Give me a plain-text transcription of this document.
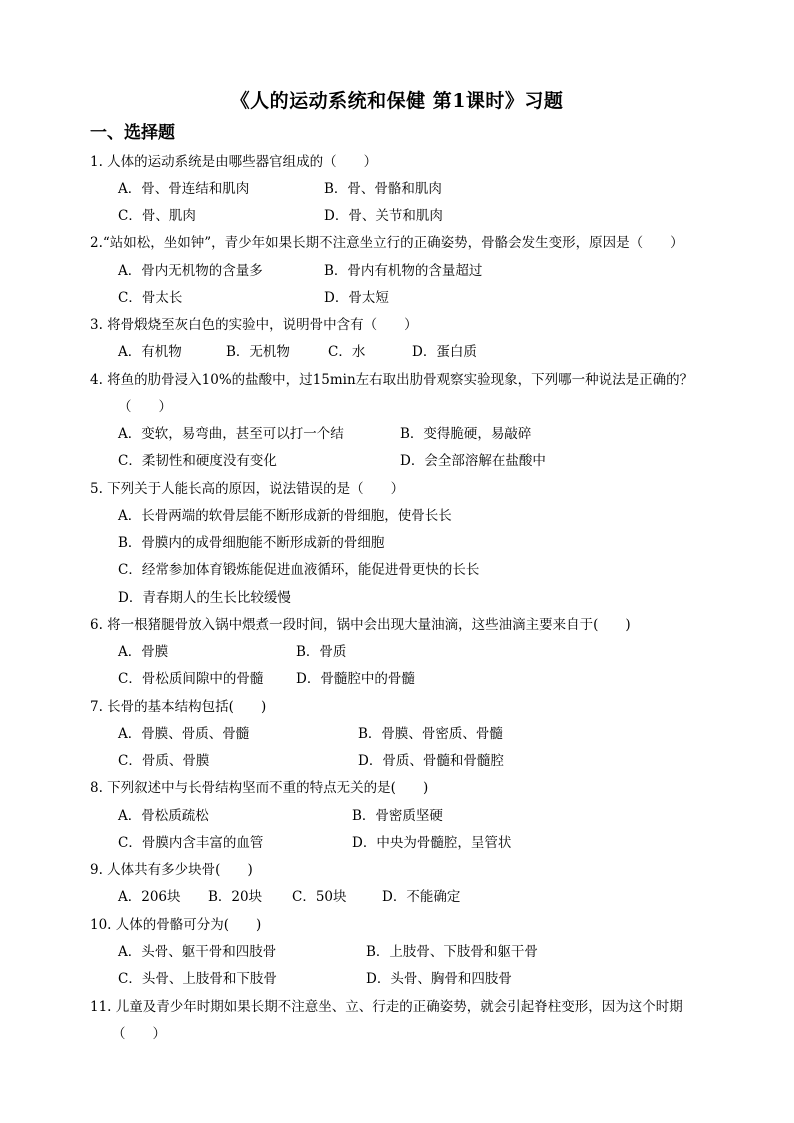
《人的运动系统和保健 第1课时》习题
一、选择题
1. 人体的运动系统是由哪些器官组成的（　　）
A．骨、骨连结和肌肉	B．骨、骨骼和肌肉
C．骨、肌肉	D．骨、关节和肌肉
2.“站如松，坐如钟”，青少年如果长期不注意坐立行的正确姿势，骨骼会发生变形，原因是（　　）
A．骨内无机物的含量多	B．骨内有机物的含量超过
C．骨太长	D．骨太短
3. 将骨煅烧至灰白色的实验中，说明骨中含有（　　）
A．有机物	B．无机物	C．水	D．蛋白质
4. 将鱼的肋骨浸入10%的盐酸中，过15min左右取出肋骨观察实验现象，下列哪一种说法是正确的？
（　　）
A．变软，易弯曲，甚至可以打一个结	B．变得脆硬，易敲碎
C．柔韧性和硬度没有变化	D．会全部溶解在盐酸中
5. 下列关于人能长高的原因，说法错误的是（　　）
A．长骨两端的软骨层能不断形成新的骨细胞，使骨长长
B．骨膜内的成骨细胞能不断形成新的骨细胞
C．经常参加体育锻炼能促进血液循环，能促进骨更快的长长
D．青春期人的生长比较缓慢
6. 将一根猪腿骨放入锅中煨煮一段时间，锅中会出现大量油滴，这些油滴主要来自于(　　)
A．骨膜	B．骨质
C．骨松质间隙中的骨髓 D．骨髓腔中的骨髓
7. 长骨的基本结构包括(　　)
A．骨膜、骨质、骨髓	B．骨膜、骨密质、骨髓
C．骨质、骨膜	D．骨质、骨髓和骨髓腔
8. 下列叙述中与长骨结构坚而不重的特点无关的是(　　)
A．骨松质疏松	B．骨密质坚硬
C．骨膜内含丰富的血管	D．中央为骨髓腔，呈管状
9. 人体共有多少块骨(　　)
A．206块 B．20块 C．50块	D．不能确定
10. 人体的骨骼可分为(　　)
A．头骨、躯干骨和四肢骨	B．上肢骨、下肢骨和躯干骨
C．头骨、上肢骨和下肢骨	D．头骨、胸骨和四肢骨
11. 儿童及青少年时期如果长期不注意坐、立、行走的正确姿势，就会引起脊柱变形，因为这个时期
（　　）
